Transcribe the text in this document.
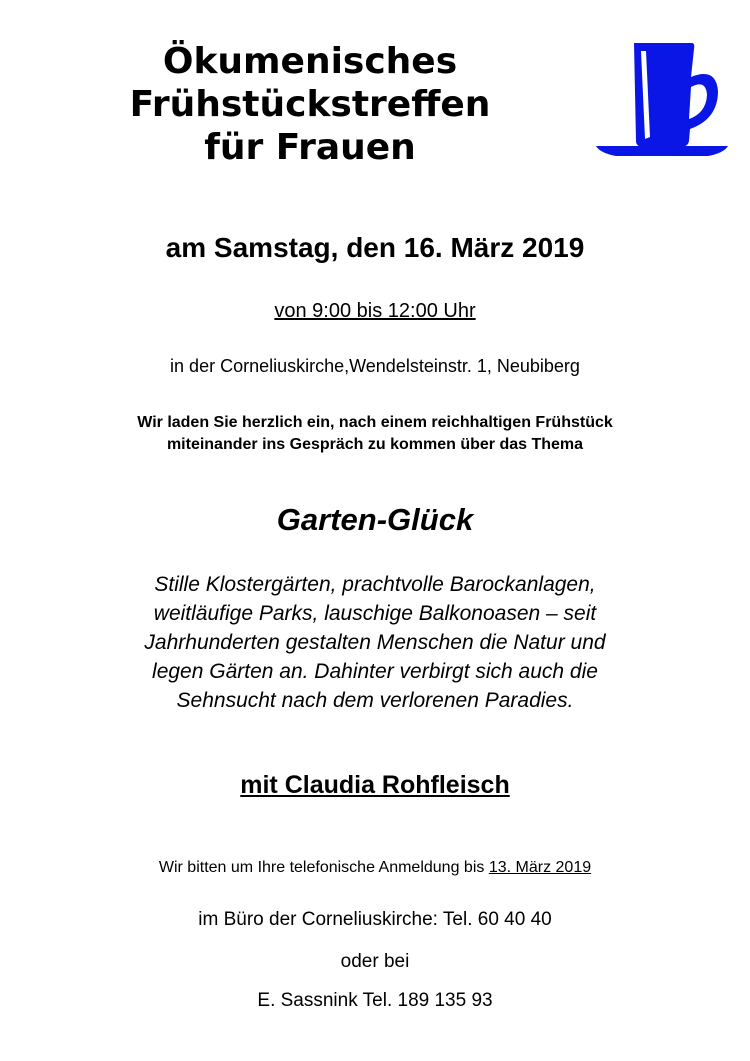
Ökumenisches
Frühstückstreffen
für Frauen
am Samstag, den 16. März 2019
von 9:00 bis 12:00 Uhr
in der Corneliuskirche,Wendelsteinstr. 1, Neubiberg
Wir laden Sie herzlich ein, nach einem reichhaltigen Frühstück
miteinander ins Gespräch zu kommen über das Thema
Garten-Glück
Stille Klostergärten, prachtvolle Barockanlagen,
weitläufige Parks, lauschige Balkonoasen – seit
Jahrhunderten gestalten Menschen die Natur und
legen Gärten an. Dahinter verbirgt sich auch die
Sehnsucht nach dem verlorenen Paradies.
mit Claudia Rohfleisch
Wir bitten um Ihre telefonische Anmeldung bis 13. März 2019
im Büro der Corneliuskirche: Tel. 60 40 40
oder bei
E. Sassnink Tel. 189 135 93
